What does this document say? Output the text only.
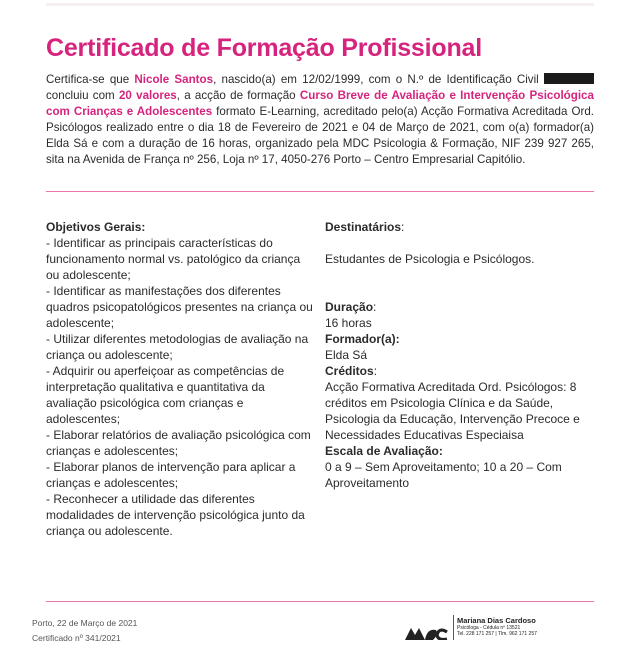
Certificado de Formação Profissional
Certifica-se que Nicole Santos, nascido(a) em 12/02/1999, com o N.º de Identificação Civil
concluiu com 20 valores, a acção de formação Curso Breve de Avaliação e Intervenção Psicológica
com Crianças e Adolescentes formato E-Learning, acreditado pelo(a) Acção Formativa Acreditada Ord.
Psicólogos realizado entre o dia 18 de Fevereiro de 2021 e 04 de Março de 2021, com o(a) formador(a)
Elda Sá e com a duração de 16 horas, organizado pela MDC Psicologia & Formação, NIF 239 927 265,
sita na Avenida de França nº 256, Loja nº 17, 4050-276 Porto – Centro Empresarial Capitólio.
Objetivos Gerais:
- Identificar as principais características do
funcionamento normal vs. patológico da criança
ou adolescente;
- Identificar as manifestações dos diferentes
quadros psicopatológicos presentes na criança ou
adolescente;
- Utilizar diferentes metodologias de avaliação na
criança ou adolescente;
- Adquirir ou aperfeiçoar as competências de
interpretação qualitativa e quantitativa da
avaliação psicológica com crianças e
adolescentes;
- Elaborar relatórios de avaliação psicológica com
crianças e adolescentes;
- Elaborar planos de intervenção para aplicar a
crianças e adolescentes;
- Reconhecer a utilidade das diferentes
modalidades de intervenção psicológica junto da
criança ou adolescente.
Destinatários:
Estudantes de Psicologia e Psicólogos.
Duração:
16 horas
Formador(a):
Elda Sá
Créditos:
Acção Formativa Acreditada Ord. Psicólogos: 8
créditos em Psicologia Clínica e da Saúde,
Psicologia da Educação, Intervenção Precoce e
Necessidades Educativas Especiaisa
Escala de Avaliação:
0 a 9 – Sem Aproveitamento; 10 a 20 – Com
Aproveitamento
Porto, 22 de Março de 2021
Certificado nº 341/2021
Mariana Dias Cardoso
Psicóloga - Cédula nº 13521
Tel. 228 171 257 | Tlm. 962 171 257
